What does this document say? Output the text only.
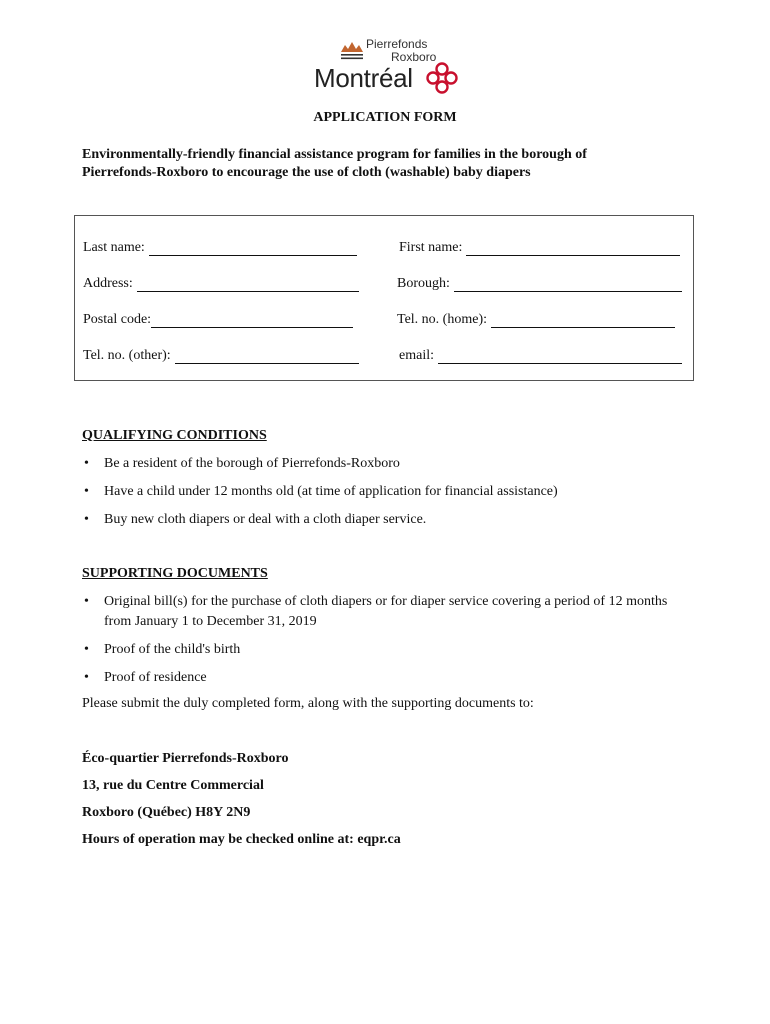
Pierrefonds
Roxboro
Montréal
APPLICATION FORM
Environmentally-friendly financial assistance program for families in the borough of Pierrefonds-Roxboro to encourage the use of cloth (washable) baby diapers
Last name:	First name:
Address:	Borough:
Postal code:	Tel. no. (home):
Tel. no. (other):	email:
QUALIFYING CONDITIONS
• Be a resident of the borough of Pierrefonds-Roxboro
• Have a child under 12 months old (at time of application for financial assistance)
• Buy new cloth diapers or deal with a cloth diaper service.
SUPPORTING DOCUMENTS
• Original bill(s) for the purchase of cloth diapers or for diaper service covering a period of 12 months from January 1 to December 31, 2019
• Proof of the child's birth
• Proof of residence
Please submit the duly completed form, along with the supporting documents to:
Éco-quartier Pierrefonds-Roxboro
13, rue du Centre Commercial
Roxboro (Québec) H8Y 2N9
Hours of operation may be checked online at: eqpr.ca
